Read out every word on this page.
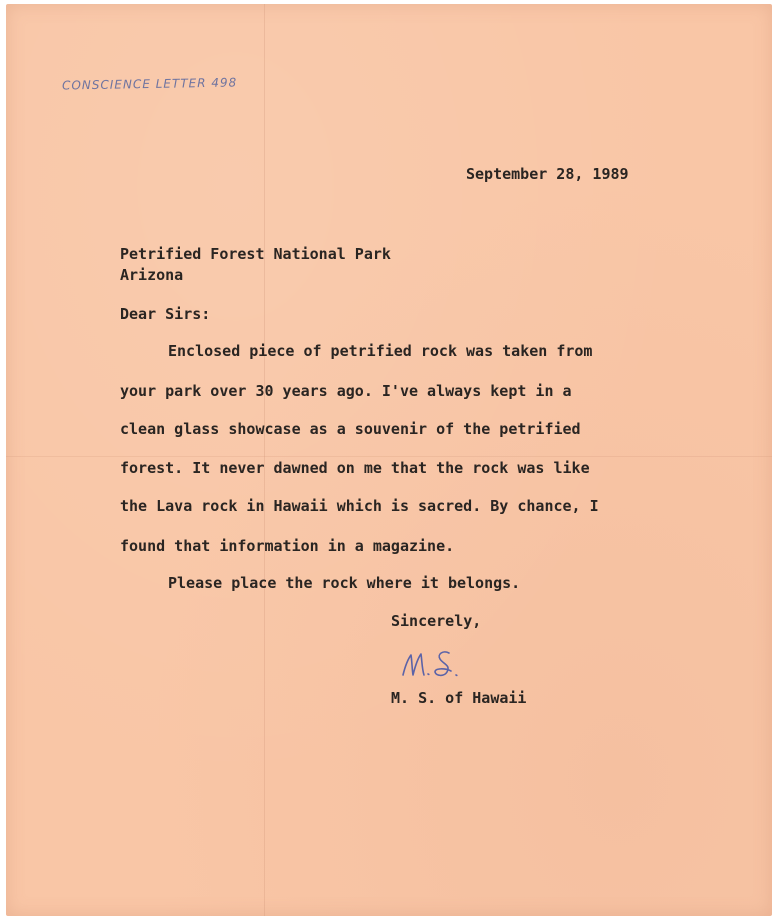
CONSCIENCE LETTER 498
September 28, 1989
Petrified Forest National Park
Arizona
Dear Sirs:
Enclosed piece of petrified rock was taken from
your park over 30 years ago. I've always kept in a
clean glass showcase as a souvenir of the petrified
forest. It never dawned on me that the rock was like
the Lava rock in Hawaii which is sacred. By chance, I
found that information in a magazine.
Please place the rock where it belongs.
Sincerely,
M. S. of Hawaii
